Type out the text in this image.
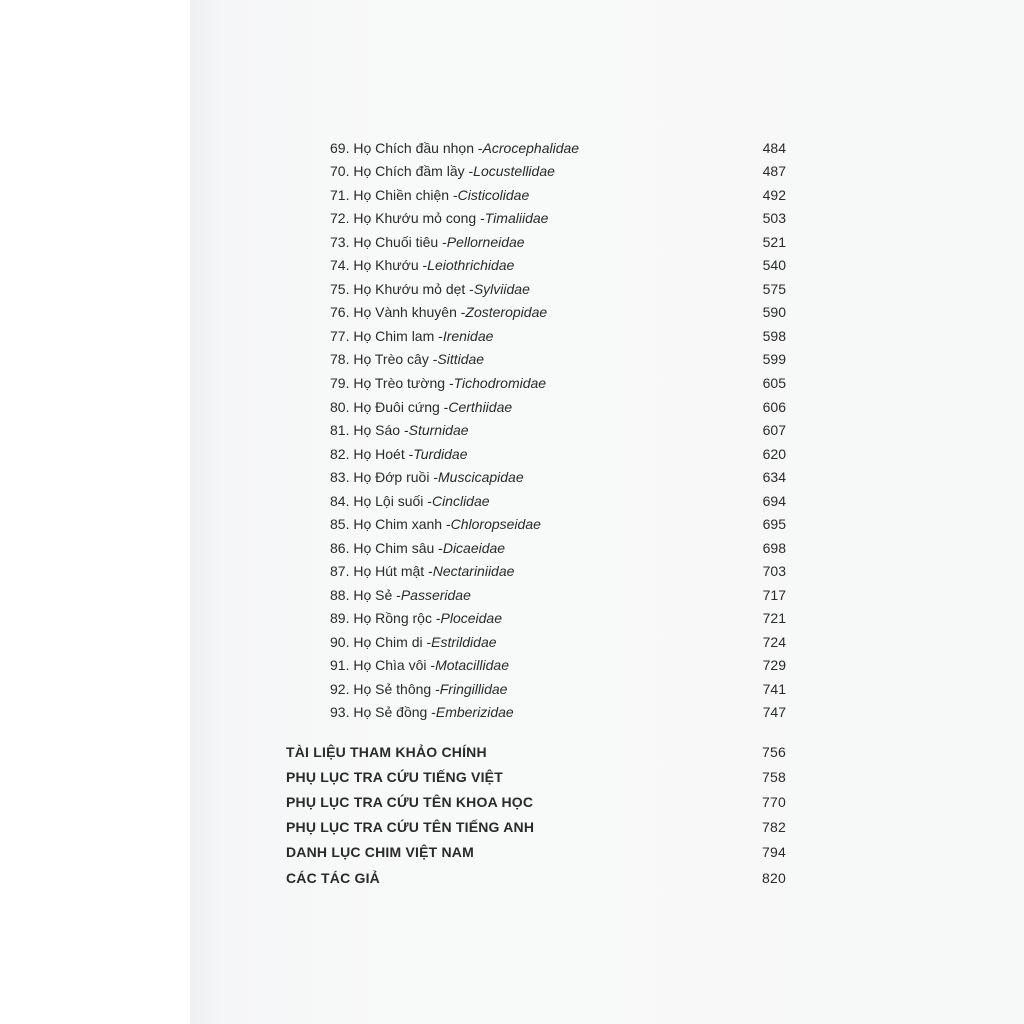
69. Họ Chích đầu nhọn - Acrocephalidae	484
70. Họ Chích đầm lầy - Locustellidae	487
71. Họ Chiền chiện - Cisticolidae	492
72. Họ Khướu mỏ cong - Timaliidae	503
73. Họ Chuối tiêu - Pellorneidae	521
74. Họ Khướu - Leiothrichidae	540
75. Họ Khướu mỏ dẹt - Sylviidae	575
76. Họ Vành khuyên - Zosteropidae	590
77. Họ Chim lam - Irenidae	598
78. Họ Trèo cây - Sittidae	599
79. Họ Trèo tường - Tichodromidae	605
80. Họ Đuôi cứng - Certhiidae	606
81. Họ Sáo - Sturnidae	607
82. Họ Hoét - Turdidae	620
83. Họ Đớp ruồi - Muscicapidae	634
84. Họ Lội suối - Cinclidae	694
85. Họ Chim xanh - Chloropseidae	695
86. Họ Chim sâu - Dicaeidae	698
87. Họ Hút mật - Nectariniidae	703
88. Họ Sẻ - Passeridae	717
89. Họ Rồng rộc - Ploceidae	721
90. Họ Chim di - Estrildidae	724
91. Họ Chìa vôi - Motacillidae	729
92. Họ Sẻ thông - Fringillidae	741
93. Họ Sẻ đồng - Emberizidae	747
TÀI LIỆU THAM KHẢO CHÍNH	756
PHỤ LỤC TRA CỨU TIẾNG VIỆT	758
PHỤ LỤC TRA CỨU TÊN KHOA HỌC	770
PHỤ LỤC TRA CỨU TÊN TIẾNG ANH	782
DANH LỤC CHIM VIỆT NAM	794
CÁC TÁC GIẢ	820
